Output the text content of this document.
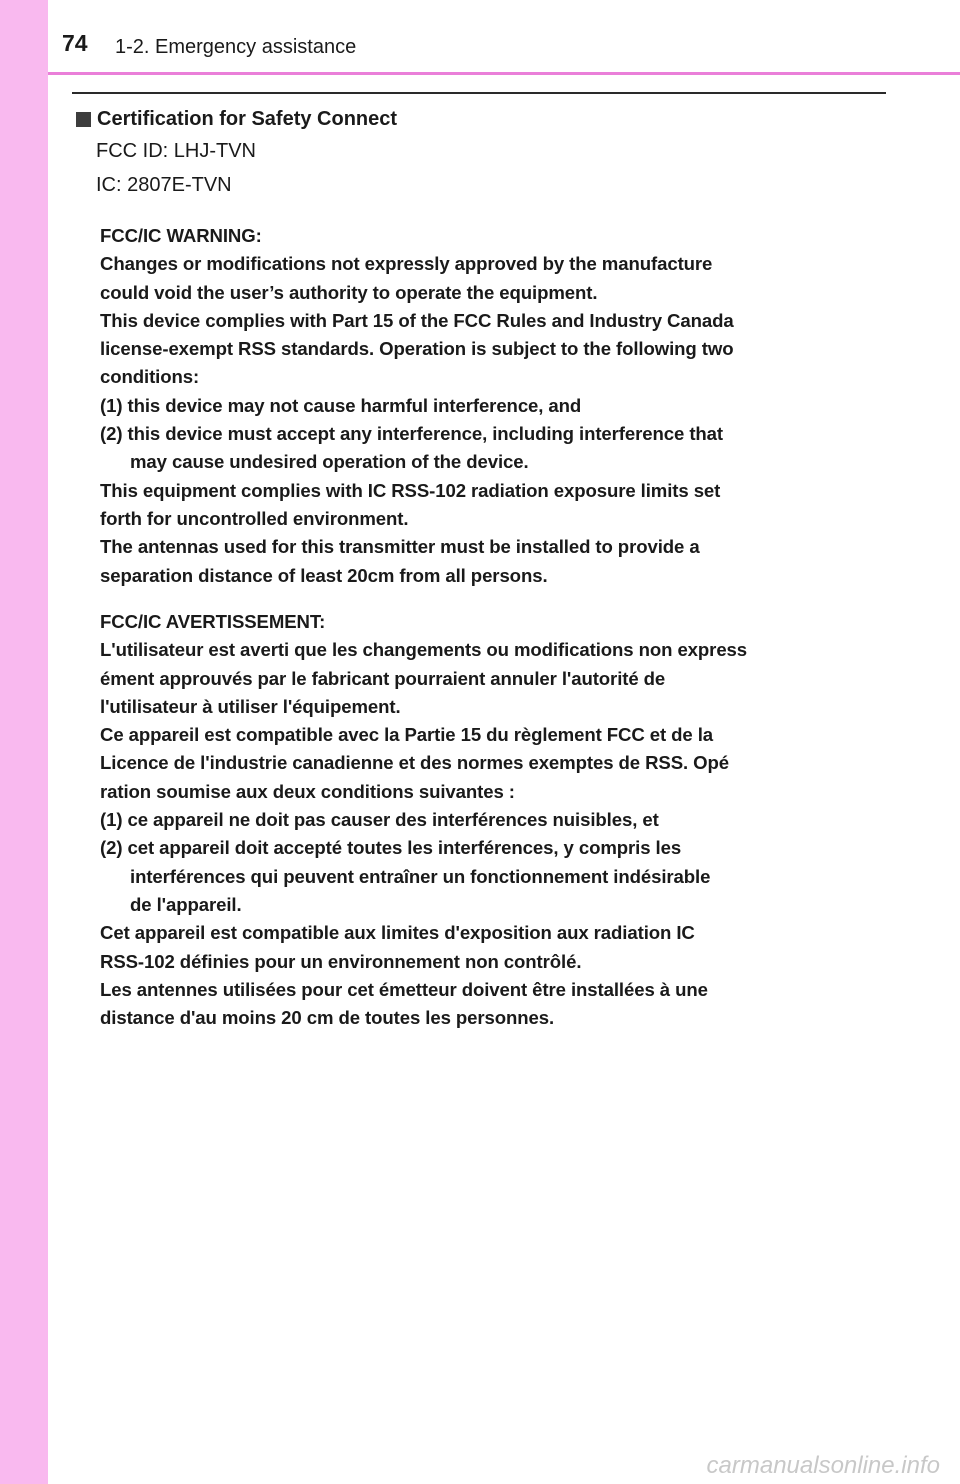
74 1-2. Emergency assistance
Certification for Safety Connect
FCC ID: LHJ-TVN
IC: 2807E-TVN
FCC/IC WARNING:
Changes or modifications not expressly approved by the manufacture
could void the user’s authority to operate the equipment.
This device complies with Part 15 of the FCC Rules and Industry Canada
license-exempt RSS standards. Operation is subject to the following two
conditions:
(1) this device may not cause harmful interference, and
(2) this device must accept any interference, including interference that
may cause undesired operation of the device.
This equipment complies with IC RSS-102 radiation exposure limits set
forth for uncontrolled environment.
The antennas used for this transmitter must be installed to provide a
separation distance of least 20cm from all persons.
FCC/IC AVERTISSEMENT:
L'utilisateur est averti que les changements ou modifications non express
ément approuvés par le fabricant pourraient annuler l'autorité de
l'utilisateur à utiliser l'équipement.
Ce appareil est compatible avec la Partie 15 du règlement FCC et de la
Licence de l'industrie canadienne et des normes exemptes de RSS. Opé
ration soumise aux deux conditions suivantes :
(1) ce appareil ne doit pas causer des interférences nuisibles, et
(2) cet appareil doit accepté toutes les interférences, y compris les
interférences qui peuvent entraîner un fonctionnement indésirable
de l'appareil.
Cet appareil est compatible aux limites d'exposition aux radiation IC
RSS-102 définies pour un environnement non contrôlé.
Les antennes utilisées pour cet émetteur doivent être installées à une
distance d'au moins 20 cm de toutes les personnes.
carmanualsonline.info
